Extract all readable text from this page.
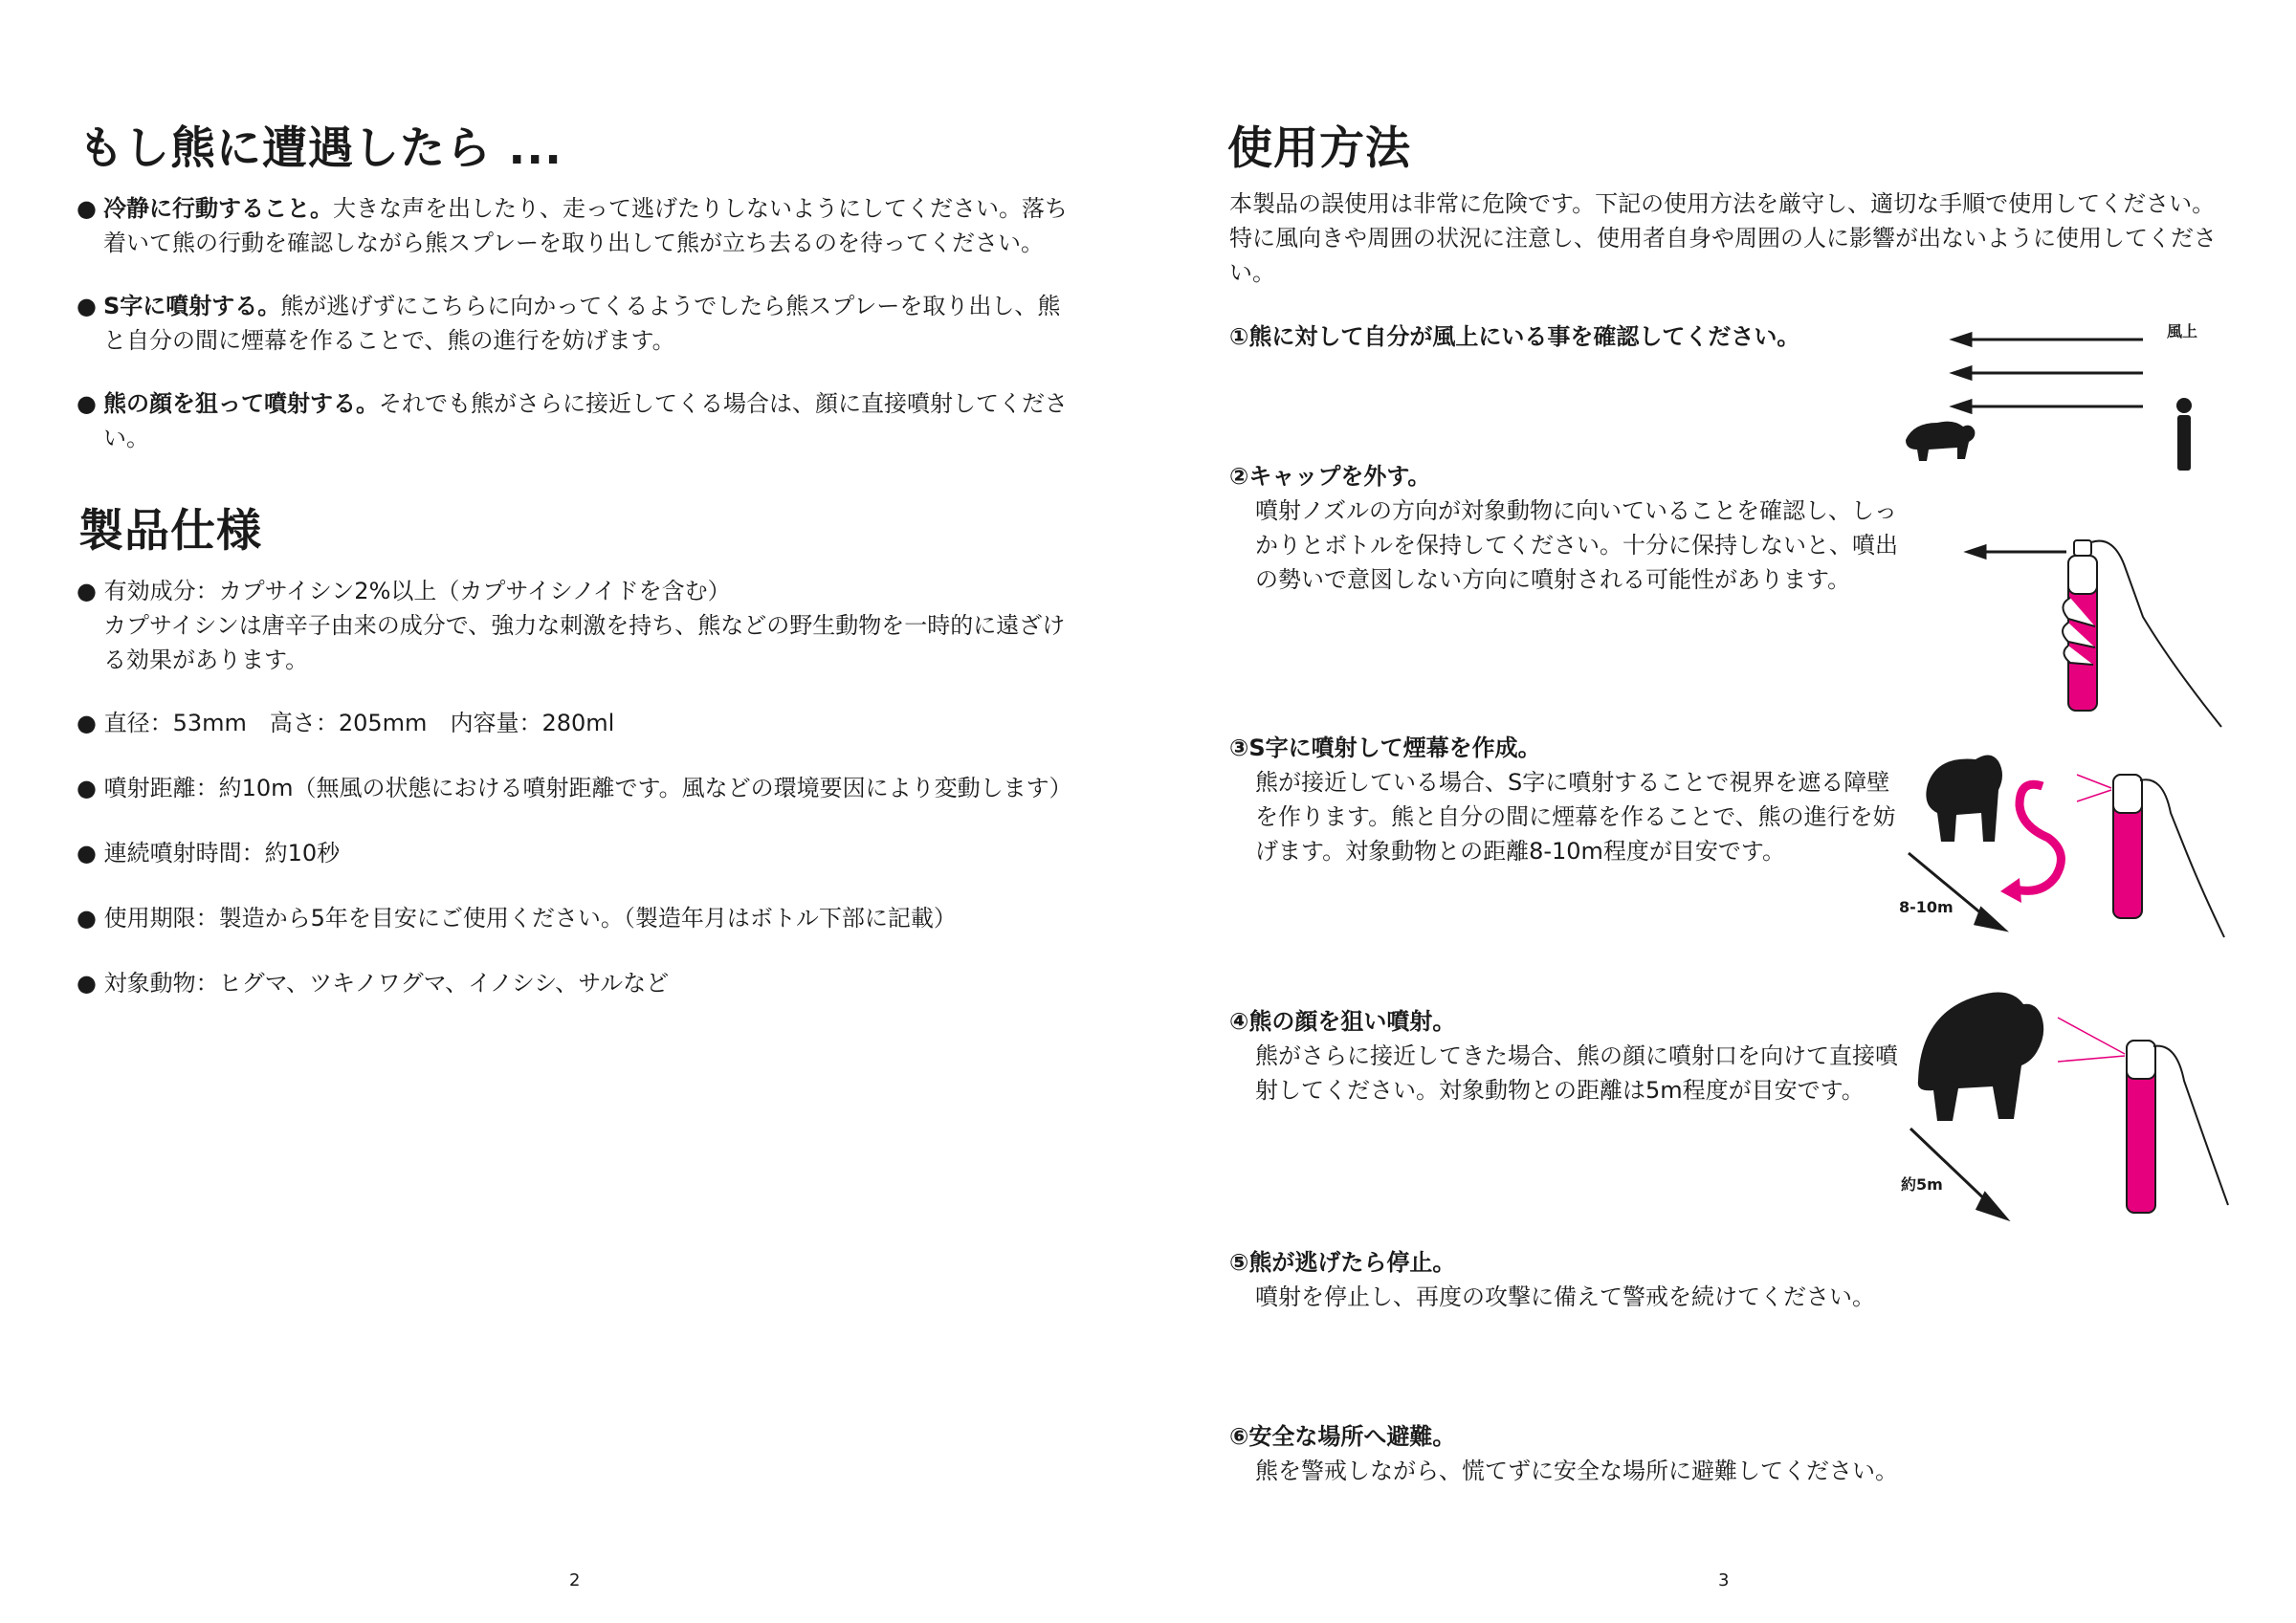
もし熊に遭遇したら ...
● 冷静に行動すること。大きな声を出したり、走って逃げたりしないようにしてください。落ち着いて熊の行動を確認しながら熊スプレーを取り出して熊が立ち去るのを待ってください。
● S字に噴射する。熊が逃げずにこちらに向かってくるようでしたら熊スプレーを取り出し、熊と自分の間に煙幕を作ることで、熊の進行を妨げます。
● 熊の顔を狙って噴射する。それでも熊がさらに接近してくる場合は、顔に直接噴射してください。
製品仕様
● 有効成分：カプサイシン2%以上（カプサイシノイドを含む）
カプサイシンは唐辛子由来の成分で、強力な刺激を持ち、熊などの野生動物を一時的に遠ざける効果があります。
● 直径：53mm　高さ：205mm　内容量：280ml
● 噴射距離：約10m（無風の状態における噴射距離です。風などの環境要因により変動します）
● 連続噴射時間：約10秒
● 使用期限：製造から5年を目安にご使用ください。（製造年月はボトル下部に記載）
● 対象動物：ヒグマ、ツキノワグマ、イノシシ、サルなど
2
使用方法
本製品の誤使用は非常に危険です。下記の使用方法を厳守し、適切な手順で使用してください。特に風向きや周囲の状況に注意し、使用者自身や周囲の人に影響が出ないように使用してください。
①熊に対して自分が風上にいる事を確認してください。
②キャップを外す。
噴射ノズルの方向が対象動物に向いていることを確認し、しっかりとボトルを保持してください。十分に保持しないと、噴出の勢いで意図しない方向に噴射される可能性があります。
③S字に噴射して煙幕を作成。
熊が接近している場合、S字に噴射することで視界を遮る障壁を作ります。熊と自分の間に煙幕を作ることで、熊の進行を妨げます。対象動物との距離8-10m程度が目安です。
④熊の顔を狙い噴射。
熊がさらに接近してきた場合、熊の顔に噴射口を向けて直接噴射してください。対象動物との距離は5m程度が目安です。
⑤熊が逃げたら停止。
噴射を停止し、再度の攻撃に備えて警戒を続けてください。
⑥安全な場所へ避難。
熊を警戒しながら、慌てずに安全な場所に避難してください。
3
風上
8-10m
約5m
